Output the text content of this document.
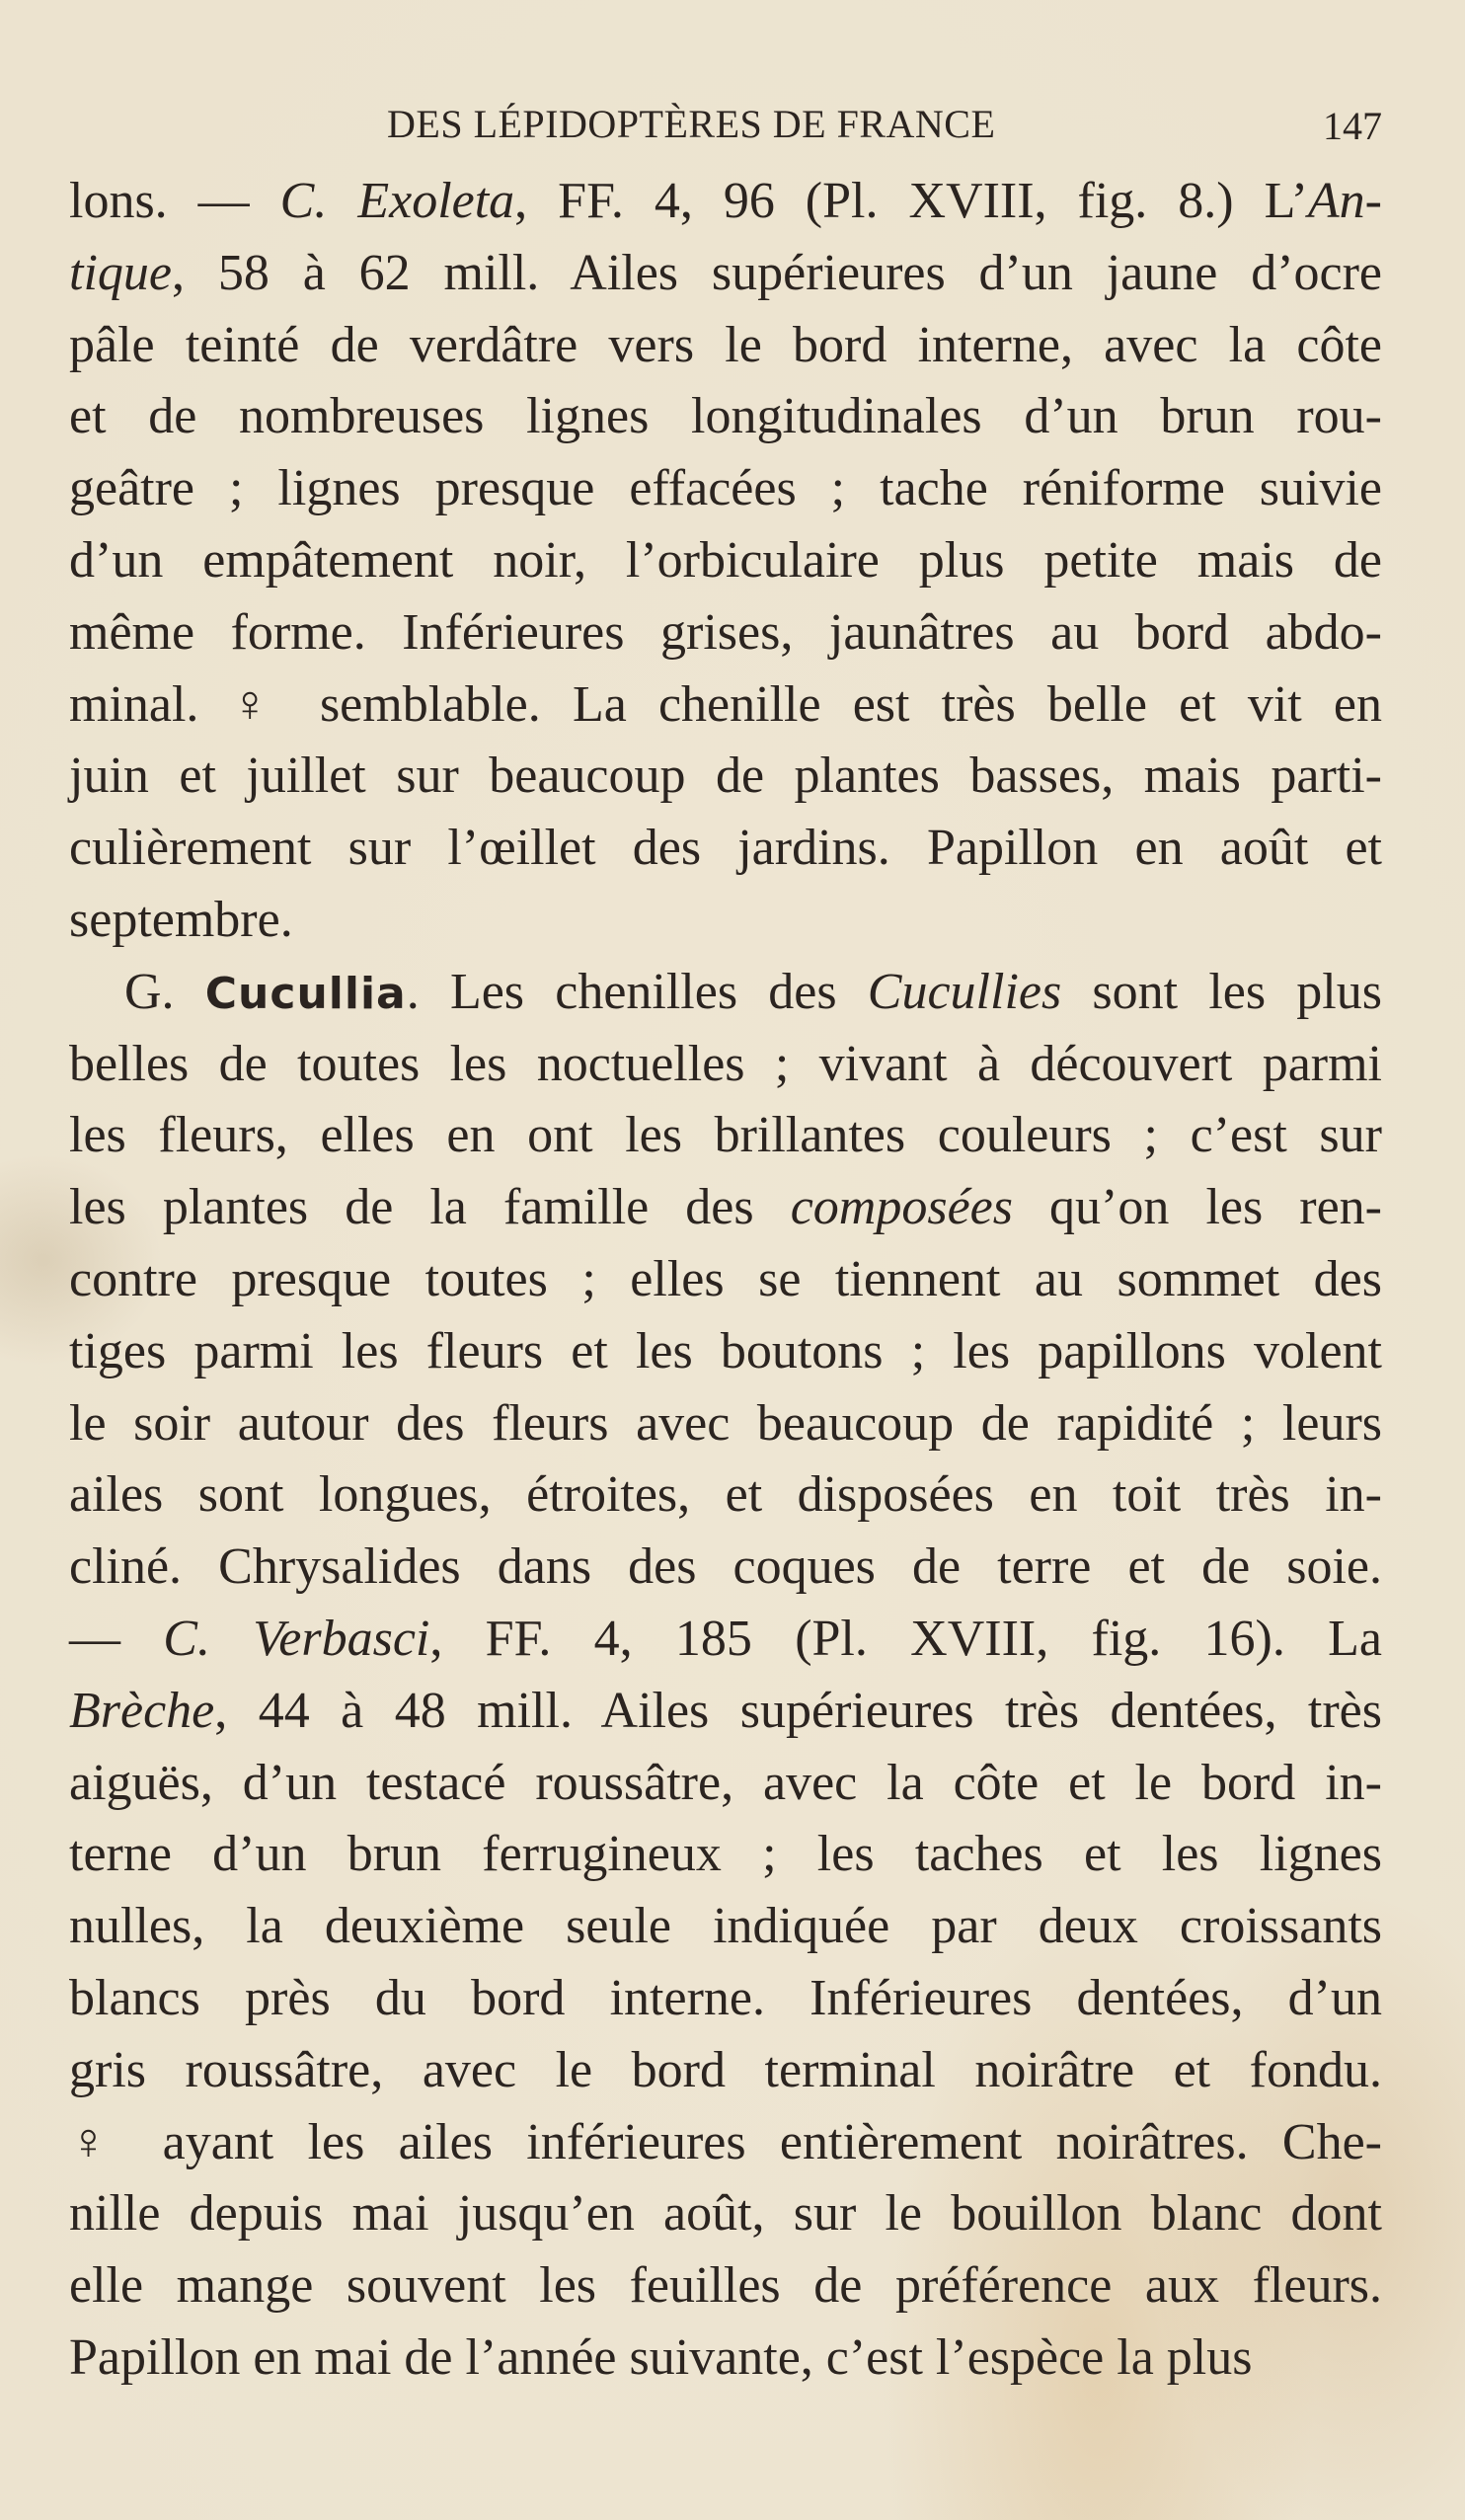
DES LÉPIDOPTÈRES DE FRANCE	147
lons. — C. Exoleta, FF. 4, 96 (Pl. XVIII, fig. 8.) L’An-
tique, 58 à 62 mill. Ailes supérieures d’un jaune d’ocre
pâle teinté de verdâtre vers le bord interne, avec la côte
et de nombreuses lignes longitudinales d’un brun rou-
geâtre ; lignes presque effacées ; tache réniforme suivie
d’un empâtement noir, l’orbiculaire plus petite mais de
même forme. Inférieures grises, jaunâtres au bord abdo-
minal. ♀ semblable. La chenille est très belle et vit en
juin et juillet sur beaucoup de plantes basses, mais parti-
culièrement sur l’œillet des jardins. Papillon en août et
septembre.
G. Cucullia. Les chenilles des Cucullies sont les plus
belles de toutes les noctuelles ; vivant à découvert parmi
les fleurs, elles en ont les brillantes couleurs ; c’est sur
les plantes de la famille des composées qu’on les ren-
contre presque toutes ; elles se tiennent au sommet des
tiges parmi les fleurs et les boutons ; les papillons volent
le soir autour des fleurs avec beaucoup de rapidité ; leurs
ailes sont longues, étroites, et disposées en toit très in-
cliné. Chrysalides dans des coques de terre et de soie.
— C. Verbasci, FF. 4, 185 (Pl. XVIII, fig. 16). La
Brèche, 44 à 48 mill. Ailes supérieures très dentées, très
aiguës, d’un testacé roussâtre, avec la côte et le bord in-
terne d’un brun ferrugineux ; les taches et les lignes
nulles, la deuxième seule indiquée par deux croissants
blancs près du bord interne. Inférieures dentées, d’un
gris roussâtre, avec le bord terminal noirâtre et fondu.
♀ ayant les ailes inférieures entièrement noirâtres. Che-
nille depuis mai jusqu’en août, sur le bouillon blanc dont
elle mange souvent les feuilles de préférence aux fleurs.
Papillon en mai de l’année suivante, c’est l’espèce la plus
